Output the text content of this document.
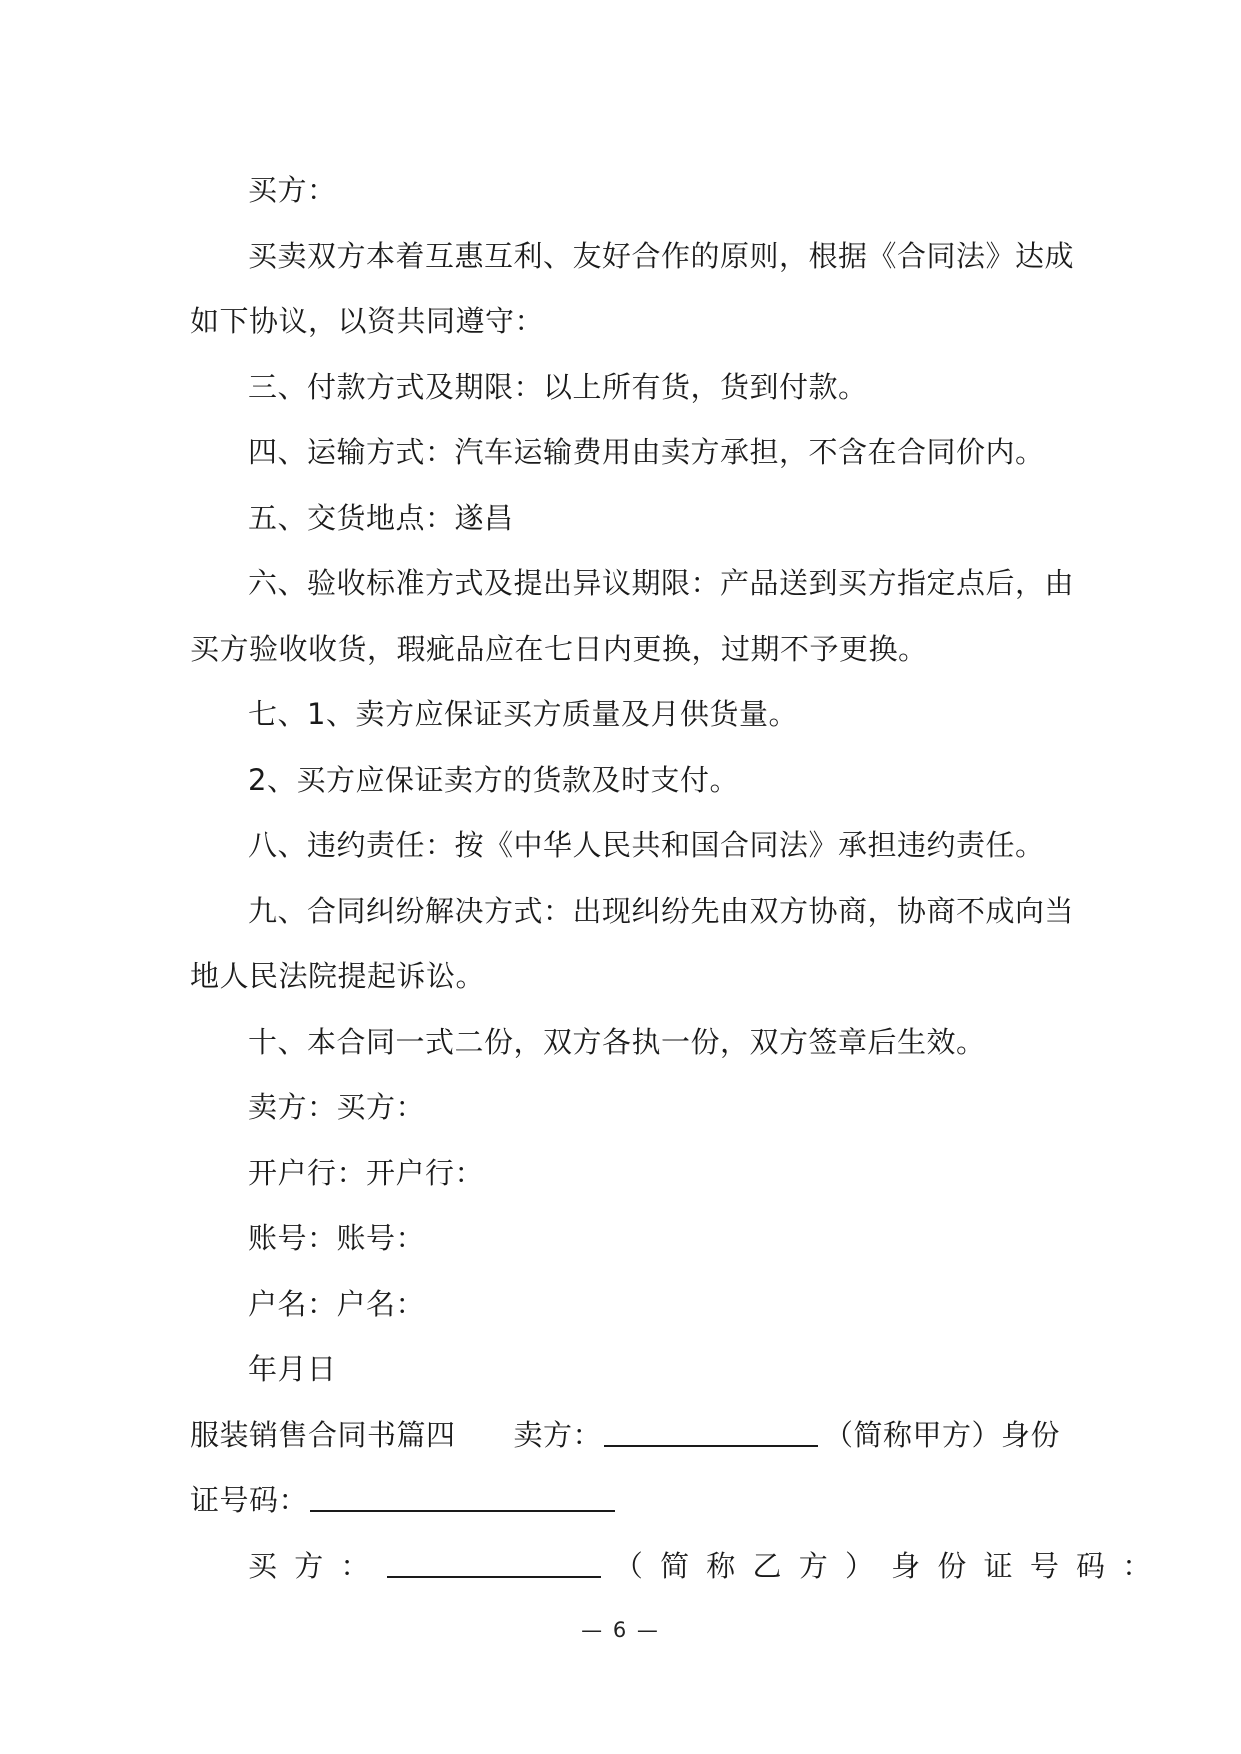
买方：
买卖双方本着互惠互利、友好合作的原则，根据《合同法》达成
如下协议，以资共同遵守：
三、付款方式及期限：以上所有货，货到付款。
四、运输方式：汽车运输费用由卖方承担，不含在合同价内。
五、交货地点：遂昌
六、验收标准方式及提出异议期限：产品送到买方指定点后，由
买方验收收货，瑕疵品应在七日内更换，过期不予更换。
七、1、卖方应保证买方质量及月供货量。
2、买方应保证卖方的货款及时支付。
八、违约责任：按《中华人民共和国合同法》承担违约责任。
九、合同纠纷解决方式：出现纠纷先由双方协商，协商不成向当
地人民法院提起诉讼。
十、本合同一式二份，双方各执一份，双方签章后生效。
卖方：买方：
开户行：开户行：
账号：账号：
户名：户名：
年月日
服装销售合同书篇四 卖方：	（简称甲方）身份
证号码：
买 方 ：	（ 简 称 乙 方 ） 身 份 证 号 码 ：
— 6 —
